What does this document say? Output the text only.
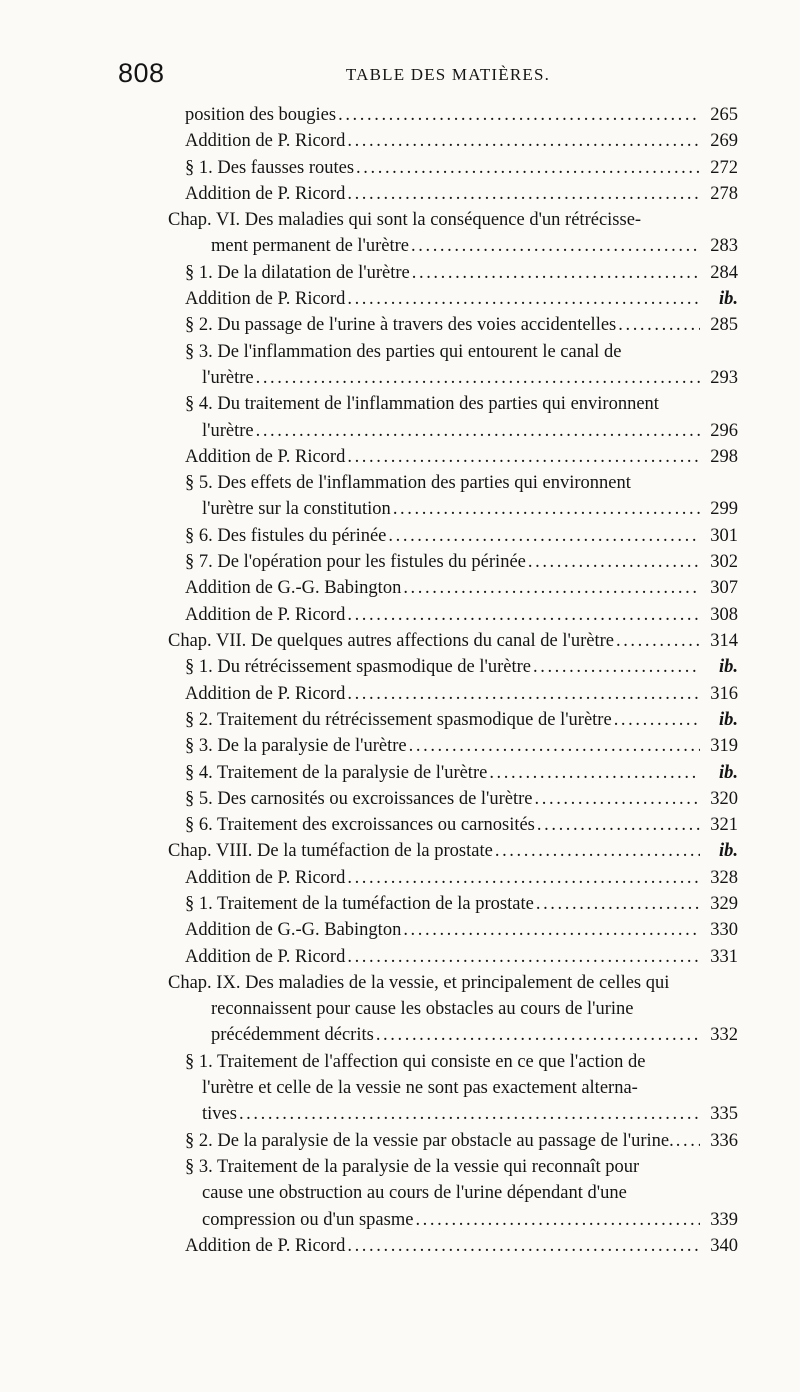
808	TABLE DES MATIÈRES.
position des bougies .....	265
Addition de P. Ricord .....	269
§ 1. Des fausses routes .....	272
Addition de P. Ricord .....	278
Chap. VI. Des maladies qui sont la conséquence d'un rétrécisse-
ment permanent de l'urètre .....	283
§ 1. De la dilatation de l'urètre .....	284
Addition de P. Ricord .....	ib.
§ 2. Du passage de l'urine à travers des voies accidentelles .....	285
§ 3. De l'inflammation des parties qui entourent le canal de
l'urètre .....	293
§ 4. Du traitement de l'inflammation des parties qui environnent
l'urètre .....	296
Addition de P. Ricord .....	298
§ 5. Des effets de l'inflammation des parties qui environnent
l'urètre sur la constitution .....	299
§ 6. Des fistules du périnée .....	301
§ 7. De l'opération pour les fistules du périnée .....	302
Addition de G.-G. Babington .....	307
Addition de P. Ricord .....	308
Chap. VII. De quelques autres affections du canal de l'urètre .....	314
§ 1. Du rétrécissement spasmodique de l'urètre .....	ib.
Addition de P. Ricord .....	316
§ 2. Traitement du rétrécissement spasmodique de l'urètre .....	ib.
§ 3. De la paralysie de l'urètre .....	319
§ 4. Traitement de la paralysie de l'urètre .....	ib.
§ 5. Des carnosités ou excroissances de l'urètre .....	320
§ 6. Traitement des excroissances ou carnosités .....	321
Chap. VIII. De la tuméfaction de la prostate .....	ib.
Addition de P. Ricord .....	328
§ 1. Traitement de la tuméfaction de la prostate .....	329
Addition de G.-G. Babington .....	330
Addition de P. Ricord .....	331
Chap. IX. Des maladies de la vessie, et principalement de celles qui
reconnaissent pour cause les obstacles au cours de l'urine
précédemment décrits .....	332
§ 1. Traitement de l'affection qui consiste en ce que l'action de
l'urètre et celle de la vessie ne sont pas exactement alterna-
tives .....	335
§ 2. De la paralysie de la vessie par obstacle au passage de l'urine. .....	336
§ 3. Traitement de la paralysie de la vessie qui reconnaît pour
cause une obstruction au cours de l'urine dépendant d'une
compression ou d'un spasme .....	339
Addition de P. Ricord .....	340
